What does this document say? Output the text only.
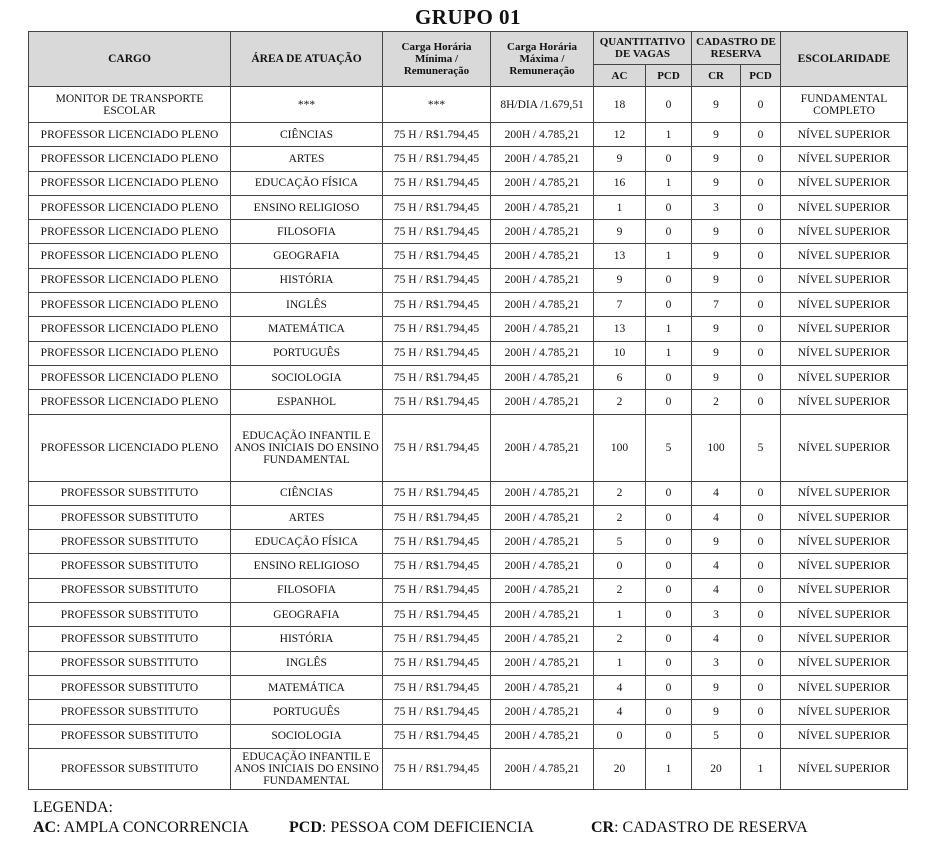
GRUPO 01
CARGO	ÁREA DE ATUAÇÃO	Carga Horária Mínima / Remuneração	Carga Horária Máxima / Remuneração	QUANTITATIVO DE VAGAS		CADASTRO DE RESERVA		ESCOLARIDADE
				AC	PCD	CR	PCD	
MONITOR DE TRANSPORTE ESCOLAR	***	***	8H/DIA /1.679,51	18	0	9	0	FUNDAMENTAL COMPLETO
PROFESSOR LICENCIADO PLENO	CIÊNCIAS	75 H / R$1.794,45	200H / 4.785,21	12	1	9	0	NÍVEL SUPERIOR
PROFESSOR LICENCIADO PLENO	ARTES	75 H / R$1.794,45	200H / 4.785,21	9	0	9	0	NÍVEL SUPERIOR
PROFESSOR LICENCIADO PLENO	EDUCAÇÃO FÍSICA	75 H / R$1.794,45	200H / 4.785,21	16	1	9	0	NÍVEL SUPERIOR
PROFESSOR LICENCIADO PLENO	ENSINO RELIGIOSO	75 H / R$1.794,45	200H / 4.785,21	1	0	3	0	NÍVEL SUPERIOR
PROFESSOR LICENCIADO PLENO	FILOSOFIA	75 H / R$1.794,45	200H / 4.785,21	9	0	9	0	NÍVEL SUPERIOR
PROFESSOR LICENCIADO PLENO	GEOGRAFIA	75 H / R$1.794,45	200H / 4.785,21	13	1	9	0	NÍVEL SUPERIOR
PROFESSOR LICENCIADO PLENO	HISTÓRIA	75 H / R$1.794,45	200H / 4.785,21	9	0	9	0	NÍVEL SUPERIOR
PROFESSOR LICENCIADO PLENO	INGLÊS	75 H / R$1.794,45	200H / 4.785,21	7	0	7	0	NÍVEL SUPERIOR
PROFESSOR LICENCIADO PLENO	MATEMÁTICA	75 H / R$1.794,45	200H / 4.785,21	13	1	9	0	NÍVEL SUPERIOR
PROFESSOR LICENCIADO PLENO	PORTUGUÊS	75 H / R$1.794,45	200H / 4.785,21	10	1	9	0	NÍVEL SUPERIOR
PROFESSOR LICENCIADO PLENO	SOCIOLOGIA	75 H / R$1.794,45	200H / 4.785,21	6	0	9	0	NÍVEL SUPERIOR
PROFESSOR LICENCIADO PLENO	ESPANHOL	75 H / R$1.794,45	200H / 4.785,21	2	0	2	0	NÍVEL SUPERIOR
PROFESSOR LICENCIADO PLENO	EDUCAÇÃO INFANTIL E ANOS INICIAIS DO ENSINO FUNDAMENTAL	75 H / R$1.794,45	200H / 4.785,21	100	5	100	5	NÍVEL SUPERIOR
PROFESSOR SUBSTITUTO	CIÊNCIAS	75 H / R$1.794,45	200H / 4.785,21	2	0	4	0	NÍVEL SUPERIOR
PROFESSOR SUBSTITUTO	ARTES	75 H / R$1.794,45	200H / 4.785,21	2	0	4	0	NÍVEL SUPERIOR
PROFESSOR SUBSTITUTO	EDUCAÇÃO FÍSICA	75 H / R$1.794,45	200H / 4.785,21	5	0	9	0	NÍVEL SUPERIOR
PROFESSOR SUBSTITUTO	ENSINO RELIGIOSO	75 H / R$1.794,45	200H / 4.785,21	0	0	4	0	NÍVEL SUPERIOR
PROFESSOR SUBSTITUTO	FILOSOFIA	75 H / R$1.794,45	200H / 4.785,21	2	0	4	0	NÍVEL SUPERIOR
PROFESSOR SUBSTITUTO	GEOGRAFIA	75 H / R$1.794,45	200H / 4.785,21	1	0	3	0	NÍVEL SUPERIOR
PROFESSOR SUBSTITUTO	HISTÓRIA	75 H / R$1.794,45	200H / 4.785,21	2	0	4	0	NÍVEL SUPERIOR
PROFESSOR SUBSTITUTO	INGLÊS	75 H / R$1.794,45	200H / 4.785,21	1	0	3	0	NÍVEL SUPERIOR
PROFESSOR SUBSTITUTO	MATEMÁTICA	75 H / R$1.794,45	200H / 4.785,21	4	0	9	0	NÍVEL SUPERIOR
PROFESSOR SUBSTITUTO	PORTUGUÊS	75 H / R$1.794,45	200H / 4.785,21	4	0	9	0	NÍVEL SUPERIOR
PROFESSOR SUBSTITUTO	SOCIOLOGIA	75 H / R$1.794,45	200H / 4.785,21	0	0	5	0	NÍVEL SUPERIOR
PROFESSOR SUBSTITUTO	EDUCAÇÃO INFANTIL E ANOS INICIAIS DO ENSINO FUNDAMENTAL	75 H / R$1.794,45	200H / 4.785,21	20	1	20	1	NÍVEL SUPERIOR
LEGENDA:
AC: AMPLA CONCORRENCIA PCD: PESSOA COM DEFICIENCIA	CR: CADASTRO DE RESERVA
